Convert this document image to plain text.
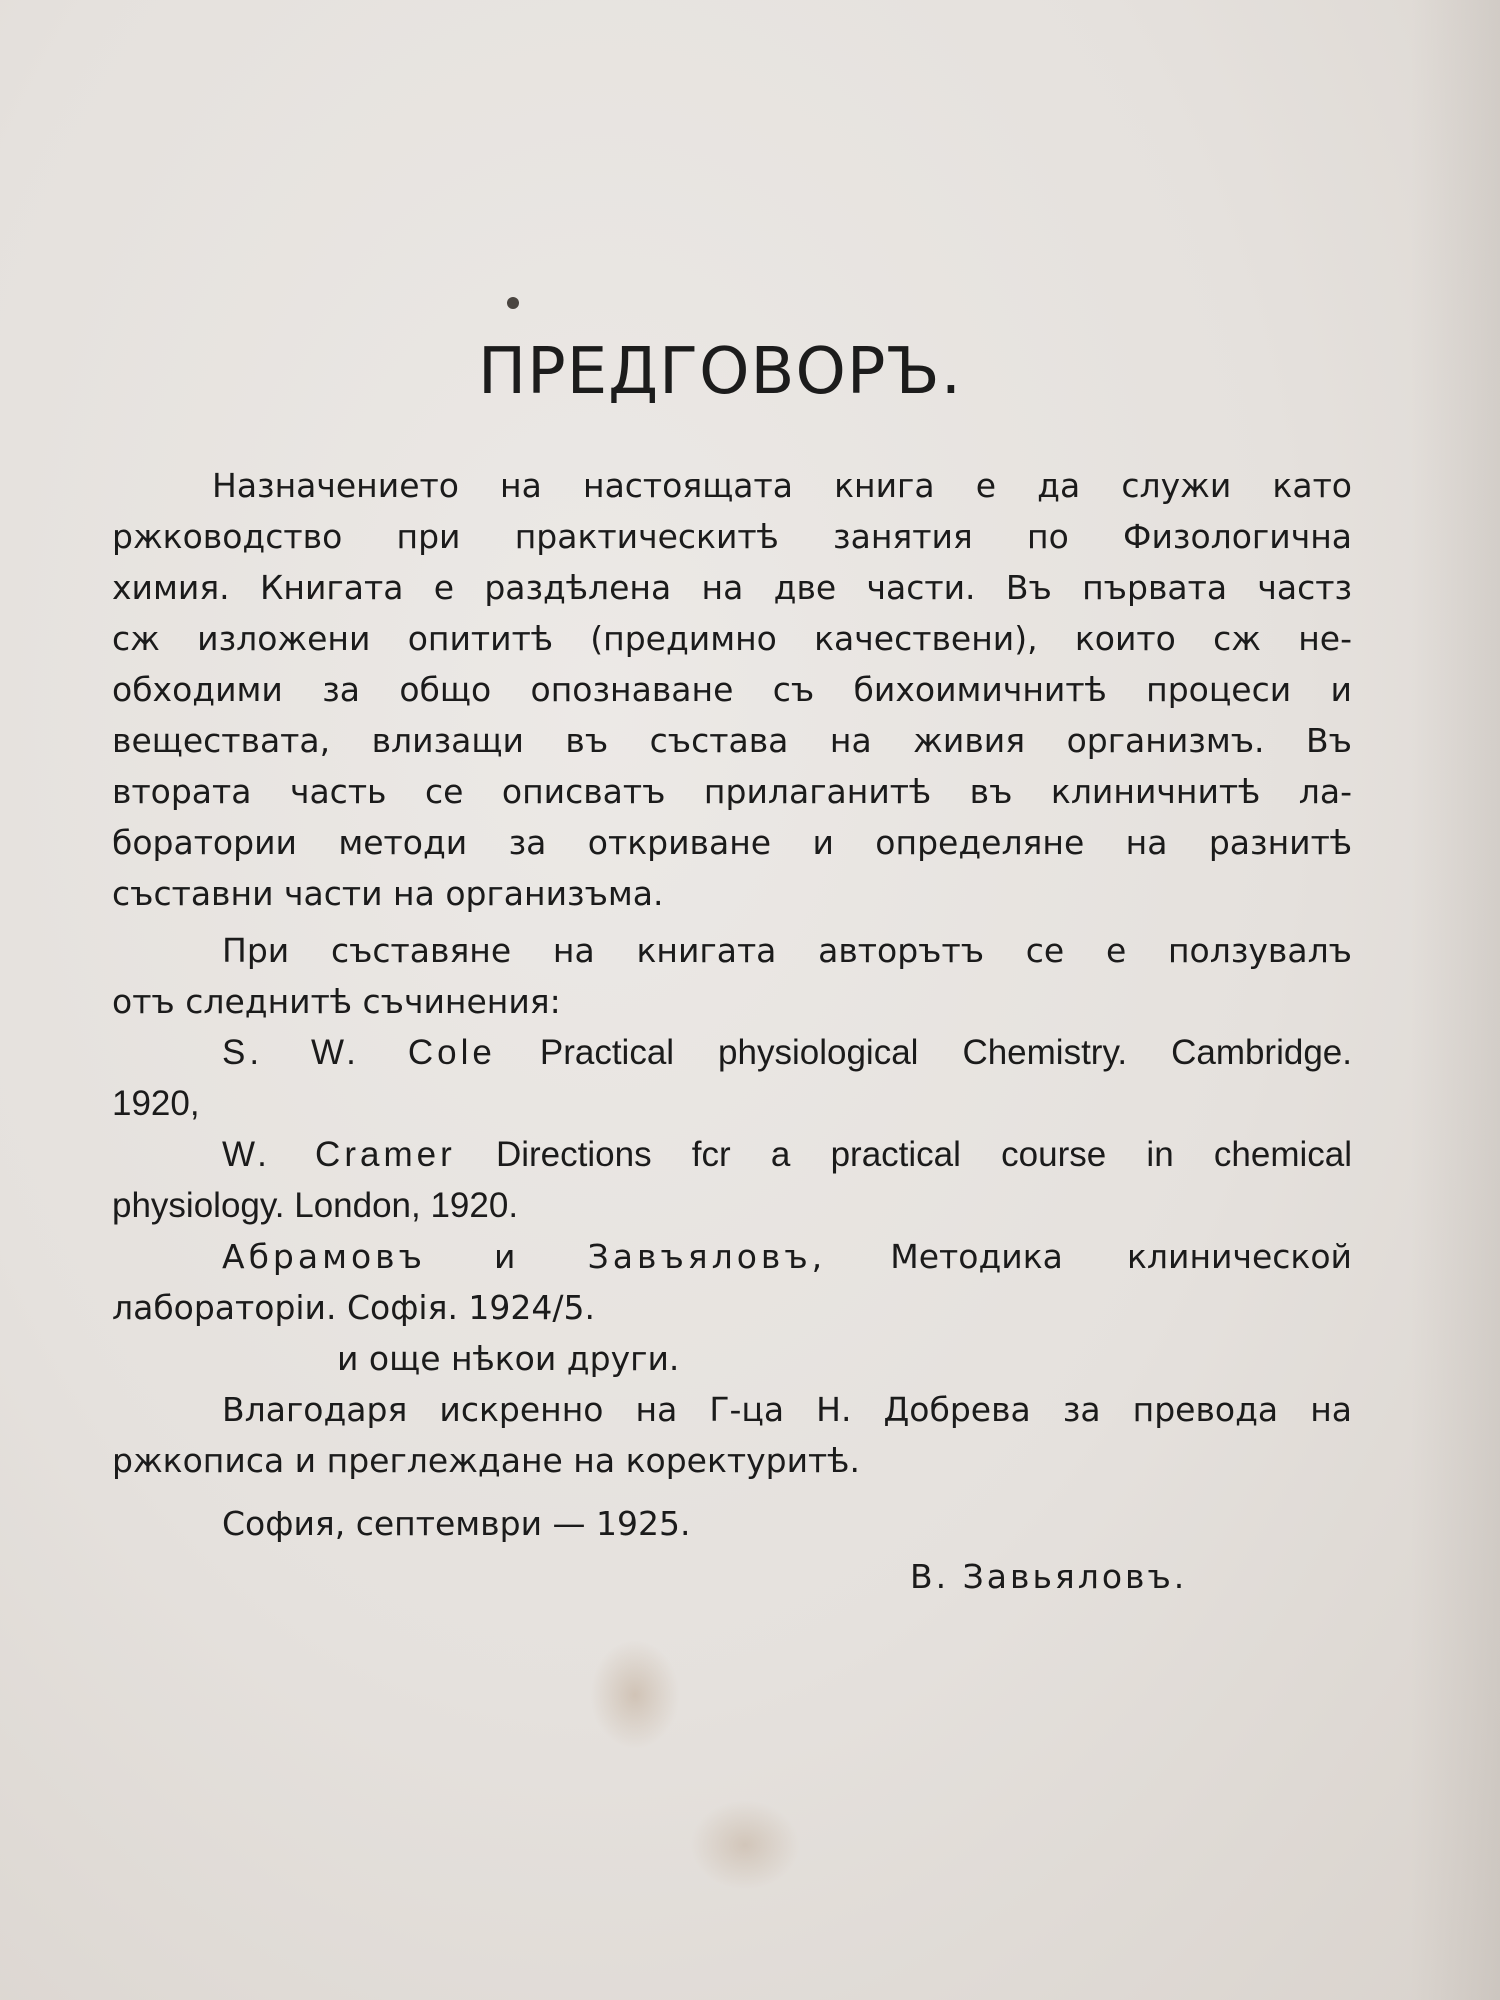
ПРЕДГОВОРЪ.
Назначението на настоящата книга е да служи като
ржководство при практическитѣ занятия по Физологична
химия. Книгата е раздѣлена на две части. Въ първата частз
сж изложени опититѣ (предимно качествени), които сж не-
обходими за общо опознаване съ бихоимичнитѣ процеси и
веществата, влизащи въ състава на живия организмъ. Въ
втората часть се описватъ прилаганитѣ въ клиничнитѣ ла-
боратории методи за откриване и определяне на разнитѣ
съставни части на организъма.
При съставяне на книгата авторътъ се е ползувалъ
отъ следнитѣ съчинения:
S. W. Cole Practical physiological Chemistry. Cambridge.
1920,
W. Cramer Directions fcr a practical course in chemical
physiology. London, 1920.
Абрамовъ и Завъяловъ, Методика клинической
лабораторіи. Софія. 1924/5.
и още нѣкои други.
Влагодаря искренно на Г-ца Н. Добрева за превода на
ржкописа и преглеждане на коректуритѣ.
София, септември — 1925.
В. Завьяловъ.
